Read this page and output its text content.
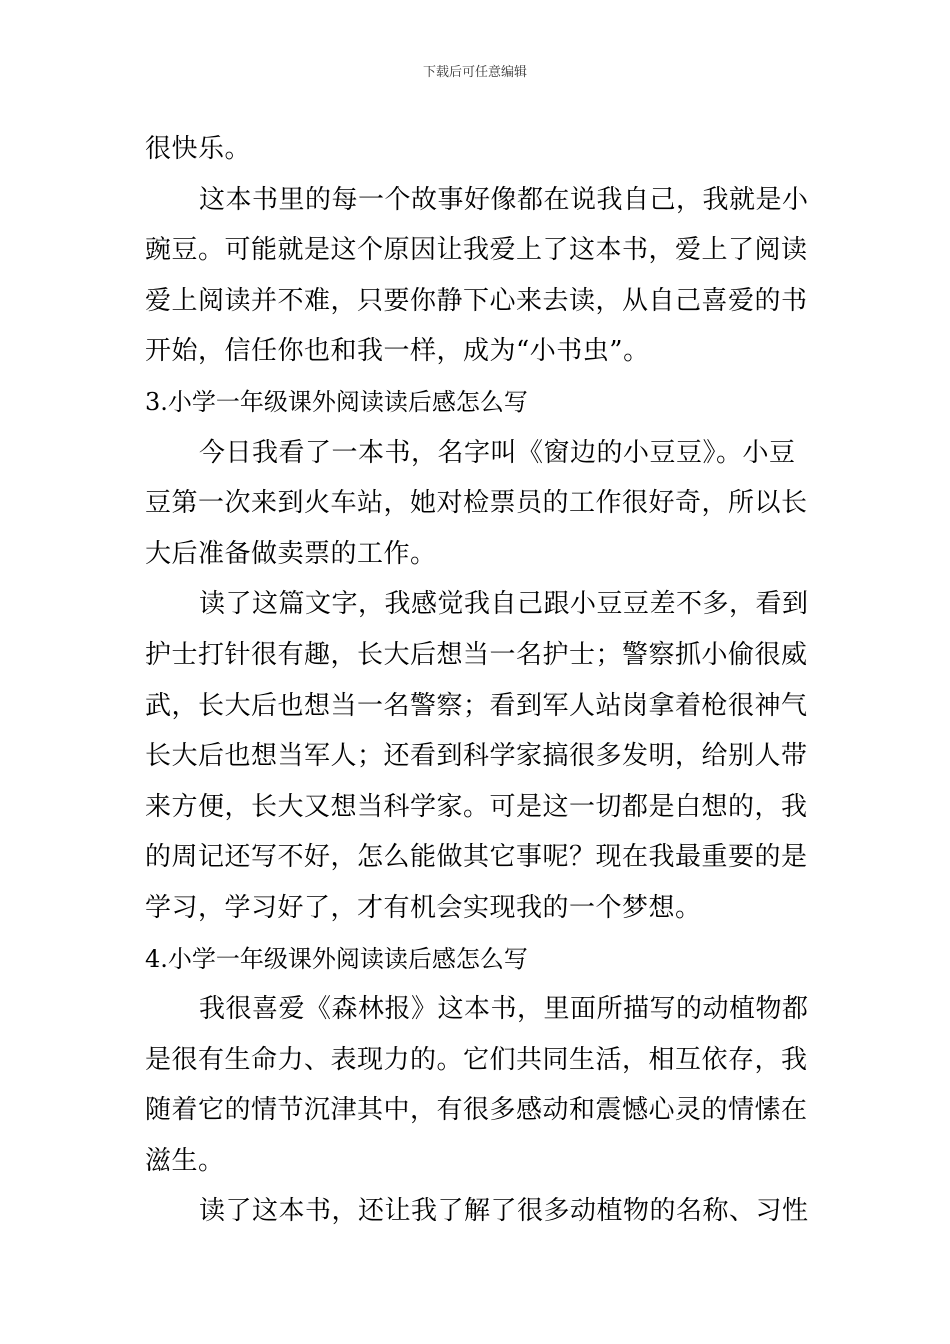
下载后可任意编辑
很快乐。
这本书里的每一个故事好像都在说我自己，我就是小
豌豆。可能就是这个原因让我爱上了这本书，爱上了阅读
爱上阅读并不难，只要你静下心来去读，从自己喜爱的书
开始，信任你也和我一样，成为“小书虫”。
3.小学一年级课外阅读读后感怎么写
今日我看了一本书，名字叫《窗边的小豆豆》。小豆
豆第一次来到火车站，她对检票员的工作很好奇，所以长
大后准备做卖票的工作。
读了这篇文字，我感觉我自己跟小豆豆差不多，看到
护士打针很有趣，长大后想当一名护士；警察抓小偷很威
武，长大后也想当一名警察；看到军人站岗拿着枪很神气
长大后也想当军人；还看到科学家搞很多发明，给别人带
来方便，长大又想当科学家。可是这一切都是白想的，我
的周记还写不好，怎么能做其它事呢？现在我最重要的是
学习，学习好了，才有机会实现我的一个梦想。
4.小学一年级课外阅读读后感怎么写
我很喜爱《森林报》这本书，里面所描写的动植物都
是很有生命力、表现力的。它们共同生活，相互依存，我
随着它的情节沉津其中，有很多感动和震憾心灵的情愫在
滋生。
读了这本书，还让我了解了很多动植物的名称、习性
